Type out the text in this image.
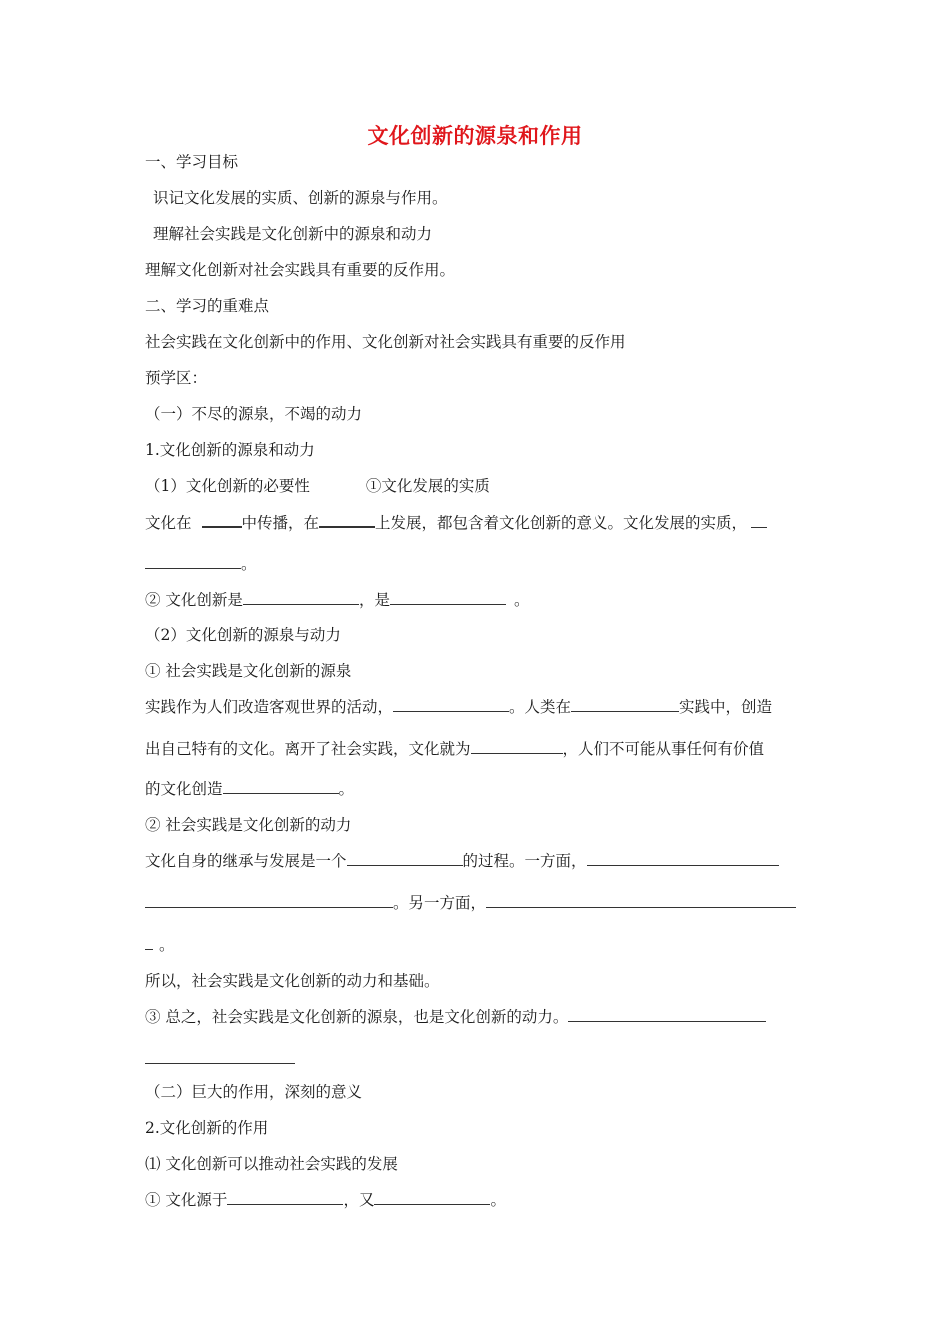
文化创新的源泉和作用
一、学习目标
识记文化发展的实质、创新的源泉与作用。
理解社会实践是文化创新中的源泉和动力
理解文化创新对社会实践具有重要的反作用。
二、学习的重难点
社会实践在文化创新中的作用、文化创新对社会实践具有重要的反作用
预学区：
（一）不尽的源泉，不竭的动力
1.文化创新的源泉和动力
（1）文化创新的必要性	①文化发展的实质
文化在	中传播，在	上发展，都包含着文化创新的意义。文化发展的实质，
。
② 文化创新是	，是	。
（2）文化创新的源泉与动力
① 社会实践是文化创新的源泉
实践作为人们改造客观世界的活动，	。人类在	实践中，创造
出自己特有的文化。离开了社会实践，文化就为	，人们不可能从事任何有价值
的文化创造	。
② 社会实践是文化创新的动力
文化自身的继承与发展是一个	的过程。一方面，
。另一方面，
。
所以，社会实践是文化创新的动力和基础。
③ 总之，社会实践是文化创新的源泉，也是文化创新的动力。
（二）巨大的作用，深刻的意义
2.文化创新的作用
⑴ 文化创新可以推动社会实践的发展
① 文化源于	，又	。
